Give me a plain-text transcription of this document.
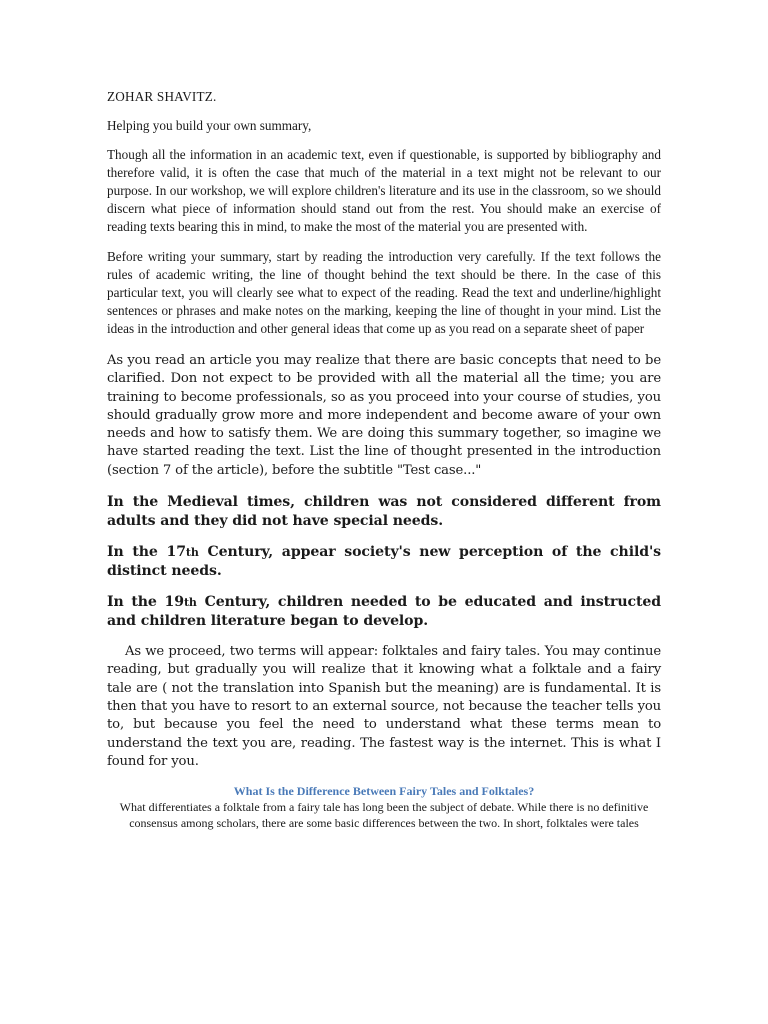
ZOHAR SHAVITZ.

Helping you build your own summary,

Though all the information in an academic text, even if questionable, is supported by bibliography and therefore valid, it is often the case that much of the material in a text might not be relevant to our purpose. In our workshop, we will explore children's literature and its use in the classroom, so we should discern what piece of information should stand out from the rest. You should make an exercise of reading texts bearing this in mind, to make the most of the material you are presented with.

Before writing your summary, start by reading the introduction very carefully. If the text follows the rules of academic writing, the line of thought behind the text should be there. In the case of this particular text, you will clearly see what to expect of the reading. Read the text and underline/highlight sentences or phrases and make notes on the marking, keeping the line of thought in your mind. List the ideas in the introduction and other general ideas that come up as you read on a separate sheet of paper

As you read an article you may realize that there are basic concepts that need to be clarified. Don not expect to be provided with all the material all the time; you are training to become professionals, so as you proceed into your course of studies, you should gradually grow more and more independent and become aware of your own needs and how to satisfy them. We are doing this summary together, so imagine we have started reading the text. List the line of thought presented in the introduction (section 7 of the article), before the subtitle "Test case..."

In the Medieval times, children was not considered different from adults and they did not have special needs.

In the 17th Century, appear society's new perception of the child's distinct needs.

In the 19th Century, children needed to be educated and instructed and children literature began to develop.

As we proceed, two terms will appear: folktales and fairy tales. You may continue reading, but gradually you will realize that it knowing what a folktale and a fairy tale are ( not the translation into Spanish but the meaning) are is fundamental. It is then that you have to resort to an external source, not because the teacher tells you to, but because you feel the need to understand what these terms mean to understand the text you are, reading. The fastest way is the internet. This is what I found for you.

What Is the Difference Between Fairy Tales and Folktales?

What differentiates a folktale from a fairy tale has long been the subject of debate. While there is no definitive consensus among scholars, there are some basic differences between the two. In short, folktales were tales
